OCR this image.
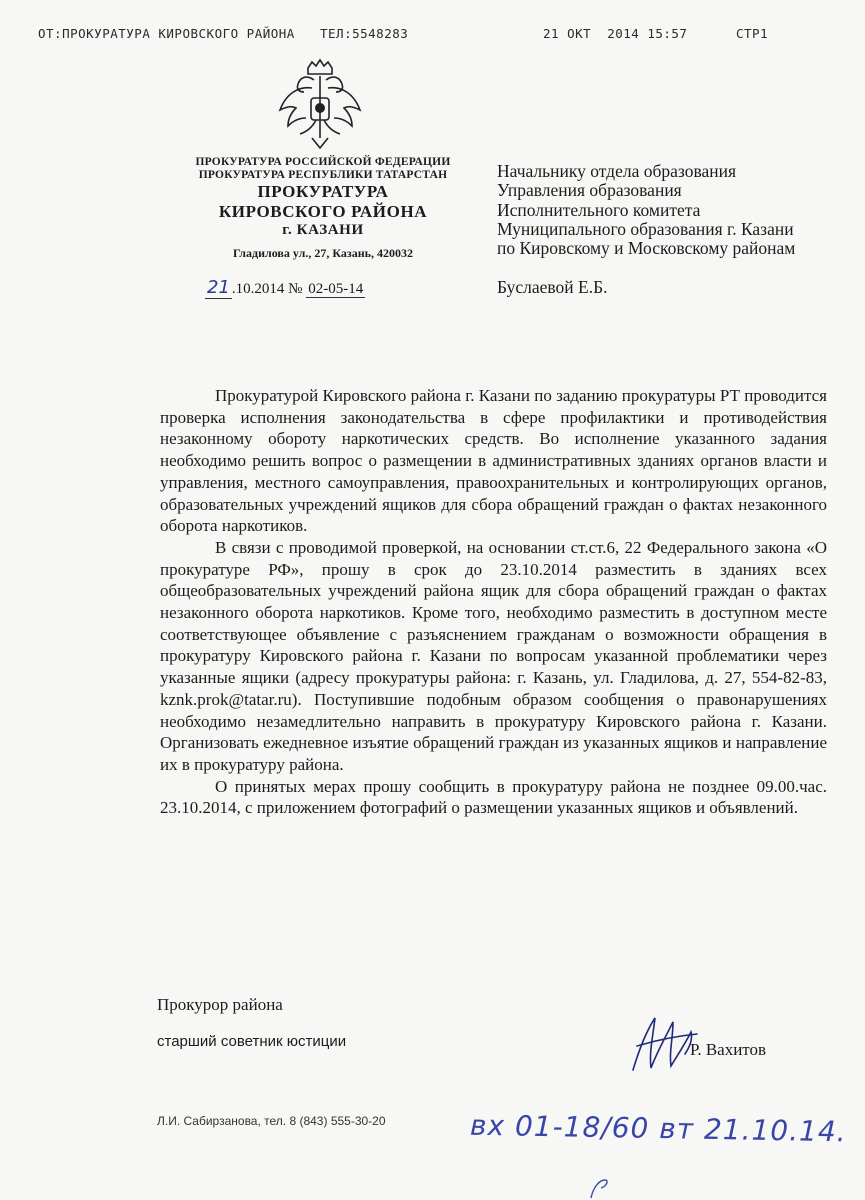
ОТ:ПРОКУРАТУРА КИРОВСКОГО РАЙОНА ТЕЛ:5548283	21 ОКТ  2014 15:57	СТР1
ПРОКУРАТУРА РОССИЙСКОЙ ФЕДЕРАЦИИ
ПРОКУРАТУРА РЕСПУБЛИКИ ТАТАРСТАН
ПРОКУРАТУРА
КИРОВСКОГО РАЙОНА
г. КАЗАНИ
Гладилова ул., 27, Казань, 420032
21 .10.2014 № 02-05-14
Начальнику отдела образования
Управления образования
Исполнительного комитета
Муниципального образования г. Казани
по Кировскому и Московскому районам
Буслаевой Е.Б.

Прокуратурой Кировского района г. Казани по заданию прокуратуры РТ проводится проверка исполнения законодательства в сфере профилактики и противодействия незаконному обороту наркотических средств. Во исполнение указанного задания необходимо решить вопрос о размещении в административных зданиях органов власти и управления, местного самоуправления, правоохранительных и контролирующих органов, образовательных учреждений ящиков для сбора обращений граждан о фактах незаконного оборота наркотиков.

В связи с проводимой проверкой, на основании ст.ст.6, 22 Федерального закона «О прокуратуре РФ», прошу в срок до 23.10.2014 разместить в зданиях всех общеобразовательных учреждений района ящик для сбора обращений граждан о фактах незаконного оборота наркотиков. Кроме того, необходимо разместить в доступном месте соответствующее объявление с разъяснением гражданам о возможности обращения в прокуратуру Кировского района г. Казани по вопросам указанной проблематики через указанные ящики (адресу прокуратуры района: г. Казань, ул. Гладилова, д. 27, 554-82-83, kznk.prok@tatar.ru). Поступившие подобным образом сообщения о правонарушениях необходимо незамедлительно направить в прокуратуру Кировского района г. Казани. Организовать ежедневное изъятие обращений граждан из указанных ящиков и направление их в прокуратуру района.

О принятых мерах прошу сообщить в прокуратуру района не позднее 09.00.час. 23.10.2014, с приложением фотографий о размещении указанных ящиков и объявлений.

Прокурор района
старший советник юстиции	Р. Вахитов
Л.И. Сабирзанова, тел. 8 (843) 555-30-20	вх 01-18/60 вт 21.10.14.
